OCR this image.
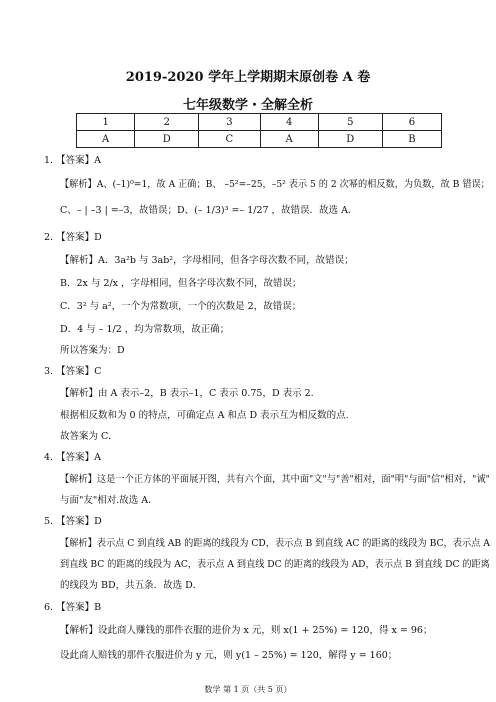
2019-2020 学年上学期期末原创卷 A 卷
七年级数学・全解全析
1	2	3	4	5	6
A	D	C	A	D	B
1. 【答案】A
【解析】A、(–1)⁰=1，故 A 正确；B、 –5²=–25，–5² 表示 5 的 2 次幂的相反数，为负数，故 B 错误；
C、– | –3 | =–3，故错误；D、(– 1/3)³ =– 1/27 ，故错误．故选 A.
2. 【答案】D
【解析】A．3a²b 与 3ab²，字母相同，但各字母次数不同，故错误；
B．2x 与 2/x ，字母相同，但各字母次数不同，故错误；
C．3² 与 a²，一个为常数项，一个的次数是 2，故错误；
D．4 与 – 1/2 ，均为常数项，故正确；
所以答案为：D
3. 【答案】C
【解析】由 A 表示–2，B 表示–1，C 表示 0.75，D 表示 2.
根据相反数和为 0 的特点，可确定点 A 和点 D 表示互为相反数的点.
故答案为 C．
4. 【答案】A
【解析】这是一个正方体的平面展开图，共有六个面，其中面"文"与"善"相对，面"明"与面"信"相对，"诚"
与面"友"相对.故选 A．
5. 【答案】D
【解析】表示点 C 到直线 AB 的距离的线段为 CD，表示点 B 到直线 AC 的距离的线段为 BC，表示点 A
到直线 BC 的距离的线段为 AC，表示点 A 到直线 DC 的距离的线段为 AD，表示点 B 到直线 DC 的距离
的线段为 BD，共五条．故选 D．
6. 【答案】B
【解析】设此商人赚钱的那件衣服的进价为 x 元，则 x(1 + 25%) = 120，得 x = 96；
设此商人赔钱的那件衣服进价为 y 元，则 y(1 – 25%) = 120，解得 y = 160；
数学 第 1 页（共 5 页）
